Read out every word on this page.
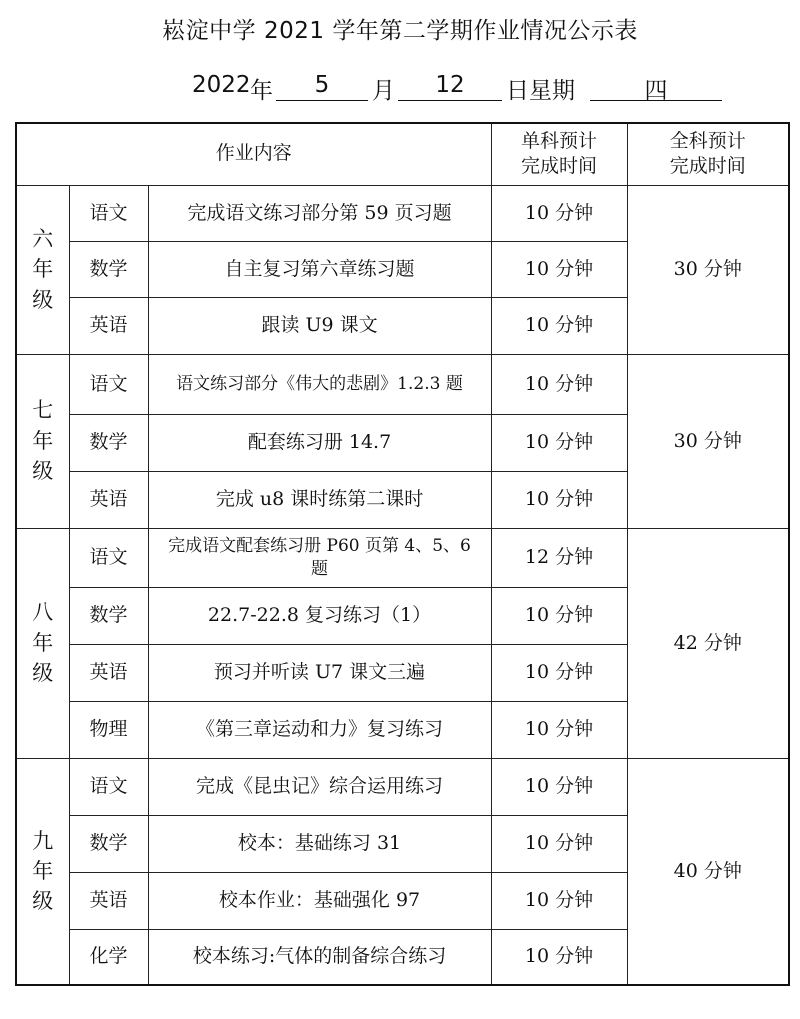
崧淀中学 2021 学年第二学期作业情况公示表
2022 年	5	月	12	日星期	四
作业内容			单科预计完成时间	全科预计完成时间
六年级	语文	完成语文练习部分第 59 页习题	10 分钟	30 分钟
	数学	自主复习第六章练习题	10 分钟	
	英语	跟读 U9 课文	10 分钟	
七年级	语文	语文练习部分《伟大的悲剧》1.2.3 题	10 分钟	30 分钟
	数学	配套练习册 14.7	10 分钟	
	英语	完成 u8 课时练第二课时	10 分钟	
八年级	语文	完成语文配套练习册 P60 页第 4、5、6 题	12 分钟	42 分钟
	数学	22.7-22.8 复习练习（1）	10 分钟	
	英语	预习并听读 U7 课文三遍	10 分钟	
	物理	《第三章运动和力》复习练习	10 分钟	
九年级	语文	完成《昆虫记》综合运用练习	10 分钟	40 分钟
	数学	校本：基础练习 31	10 分钟	
	英语	校本作业：基础强化 97	10 分钟	
	化学	校本练习:气体的制备综合练习	10 分钟	
